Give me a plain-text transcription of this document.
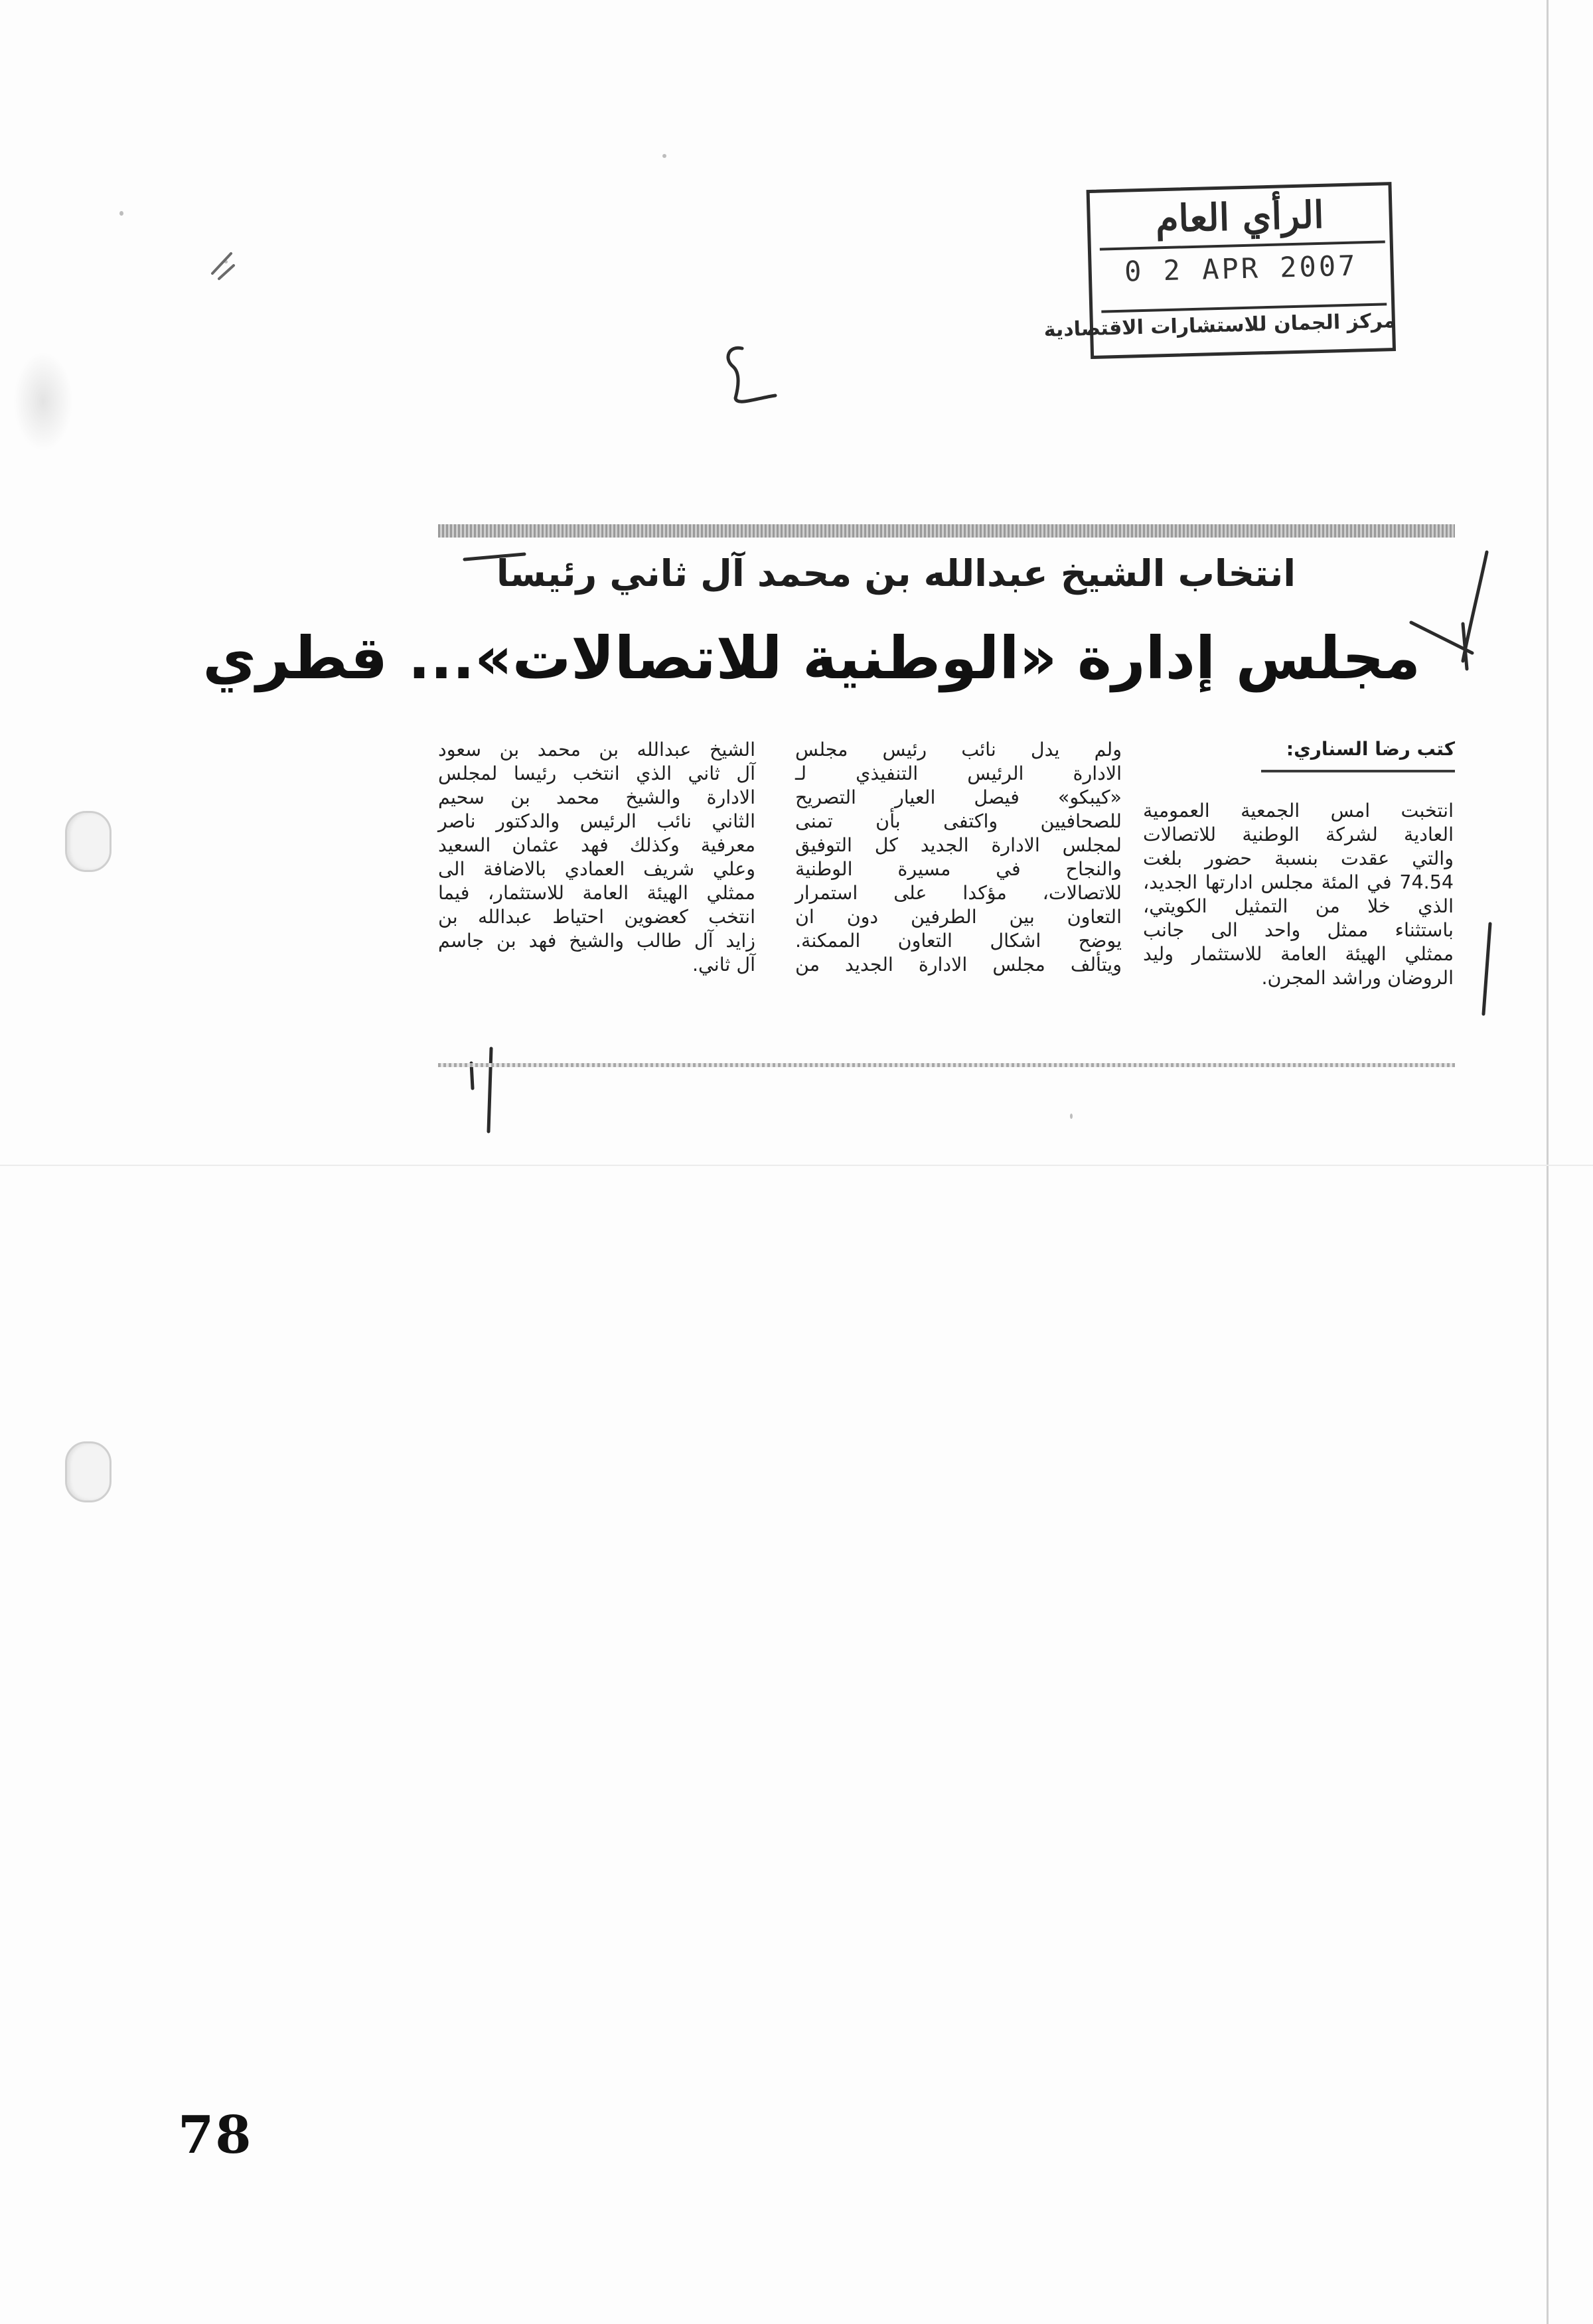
الرأي العام
0 2 APR 2007
مركز الجمان للاستشارات الاقتصادية
انتخاب الشيخ عبدالله بن محمد آل ثاني رئيسا
مجلس إدارة «الوطنية للاتصالات»... قطري
كتب رضا السناري:
انتخبت امس الجمعية العمومية
العادية لشركة الوطنية للاتصالات
والتي عقدت بنسبة حضور بلغت
74.54 في المئة مجلس ادارتها الجديد،
الذي خلا من التمثيل الكويتي،
باستثناء ممثل واحد الى جانب
ممثلي الهيئة العامة للاستثمار وليد
الروضان وراشد المجرن.
ولم يدل نائب رئيس مجلس
الادارة الرئيس التنفيذي لـ
«كيبكو» فيصل العيار التصريح
للصحافيين واكتفى بأن تمنى
لمجلس الادارة الجديد كل التوفيق
والنجاح في مسيرة الوطنية
للاتصالات، مؤكدا على استمرار
التعاون بين الطرفين دون ان
يوضح اشكال التعاون الممكنة.
ويتألف مجلس الادارة الجديد من
الشيخ عبدالله بن محمد بن سعود
آل ثاني الذي انتخب رئيسا لمجلس
الادارة والشيخ محمد بن سحيم
الثاني نائب الرئيس والدكتور ناصر
معرفية وكذلك فهد عثمان السعيد
وعلي شريف العمادي بالاضافة الى
ممثلي الهيئة العامة للاستثمار، فيما
انتخب كعضوين احتياط عبدالله بن
زايد آل طالب والشيخ فهد بن جاسم
آل ثاني.
78
